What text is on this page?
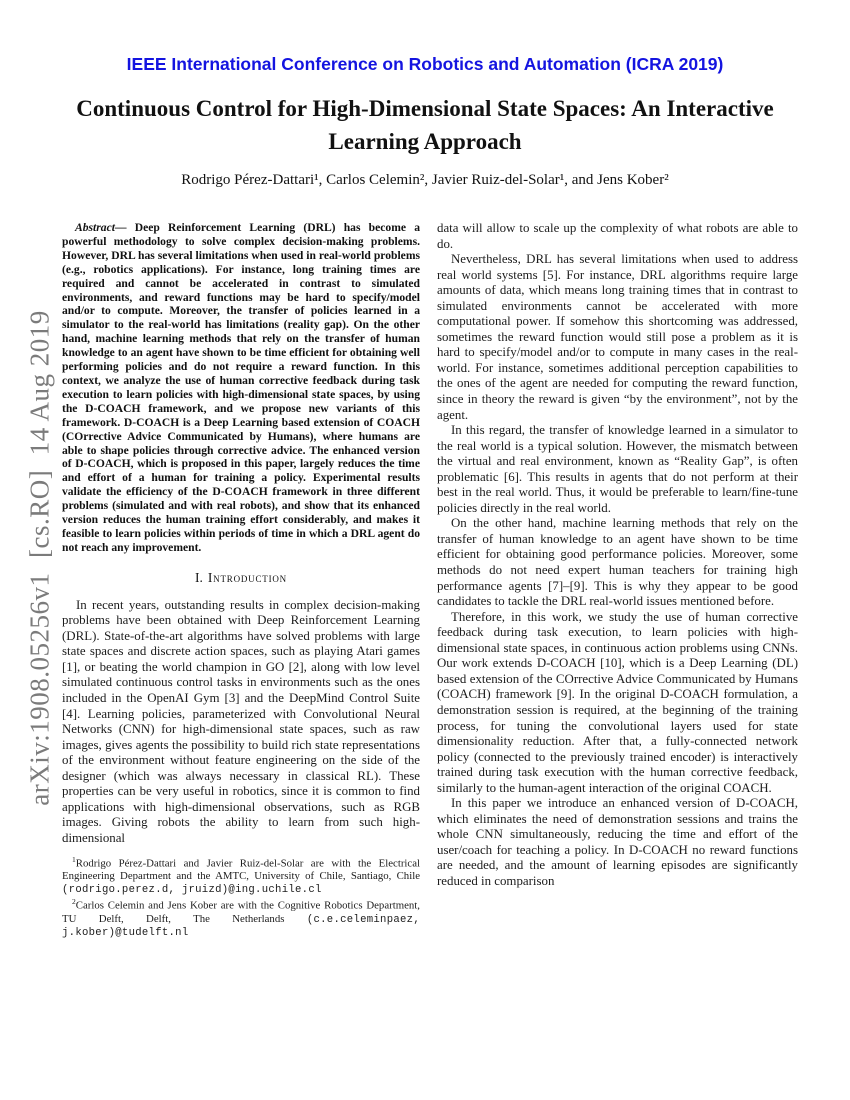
arXiv:1908.05256v1  [cs.RO]  14 Aug 2019
IEEE International Conference on Robotics and Automation (ICRA 2019)
Continuous Control for High-Dimensional State Spaces: An Interactive
Learning Approach
Rodrigo Pérez-Dattari¹, Carlos Celemin², Javier Ruiz-del-Solar¹, and Jens Kober²

Abstract— Deep Reinforcement Learning (DRL) has become a powerful methodology to solve complex decision-making problems. However, DRL has several limitations when used in real-world problems (e.g., robotics applications). For instance, long training times are required and cannot be accelerated in contrast to simulated environments, and reward functions may be hard to specify/model and/or to compute. Moreover, the transfer of policies learned in a simulator to the real-world has limitations (reality gap). On the other hand, machine learning methods that rely on the transfer of human knowledge to an agent have shown to be time efficient for obtaining well performing policies and do not require a reward function. In this context, we analyze the use of human corrective feedback during task execution to learn policies with high-dimensional state spaces, by using the D-COACH framework, and we propose new variants of this framework. D-COACH is a Deep Learning based extension of COACH (COrrective Advice Communicated by Humans), where humans are able to shape policies through corrective advice. The enhanced version of D-COACH, which is proposed in this paper, largely reduces the time and effort of a human for training a policy. Experimental results validate the efficiency of the D-COACH framework in three different problems (simulated and with real robots), and show that its enhanced version reduces the human training effort considerably, and makes it feasible to learn policies within periods of time in which a DRL agent do not reach any improvement.

I. Introduction

In recent years, outstanding results in complex decision-making problems have been obtained with Deep Reinforcement Learning (DRL). State-of-the-art algorithms have solved problems with large state spaces and discrete action spaces, such as playing Atari games [1], or beating the world champion in GO [2], along with low level simulated continuous control tasks in environments such as the ones included in the OpenAI Gym [3] and the DeepMind Control Suite [4]. Learning policies, parameterized with Convolutional Neural Networks (CNN) for high-dimensional state spaces, such as raw images, gives agents the possibility to build rich state representations of the environment without feature engineering on the side of the designer (which was always necessary in classical RL). These properties can be very useful in robotics, since it is common to find applications with high-dimensional observations, such as RGB images. Giving robots the ability to learn from such high-dimensional

$^1$Rodrigo Pérez-Dattari and Javier Ruiz-del-Solar are with the Electrical Engineering Department and the AMTC, University of Chile, Santiago, Chile (rodrigo.perez.d, jruizd)@ing.uchile.cl

$^2$Carlos Celemin and Jens Kober are with the Cognitive Robotics Department, TU Delft, Delft, The Netherlands (c.e.celeminpaez, j.kober)@tudelft.nl

data will allow to scale up the complexity of what robots are able to do.

Nevertheless, DRL has several limitations when used to address real world systems [5]. For instance, DRL algorithms require large amounts of data, which means long training times that in contrast to simulated environments cannot be accelerated with more computational power. If somehow this shortcoming was addressed, sometimes the reward function would still pose a problem as it is hard to specify/model and/or to compute in many cases in the real-world. For instance, sometimes additional perception capabilities to the ones of the agent are needed for computing the reward function, since in theory the reward is given “by the environment”, not by the agent.

In this regard, the transfer of knowledge learned in a simulator to the real world is a typical solution. However, the mismatch between the virtual and real environment, known as “Reality Gap”, is often problematic [6]. This results in agents that do not perform at their best in the real world. Thus, it would be preferable to learn/fine-tune policies directly in the real world.

On the other hand, machine learning methods that rely on the transfer of human knowledge to an agent have shown to be time efficient for obtaining good performance policies. Moreover, some methods do not need expert human teachers for training high performance agents [7]–[9]. This is why they appear to be good candidates to tackle the DRL real-world issues mentioned before.

Therefore, in this work, we study the use of human corrective feedback during task execution, to learn policies with high-dimensional state spaces, in continuous action problems using CNNs. Our work extends D-COACH [10], which is a Deep Learning (DL) based extension of the COrrective Advice Communicated by Humans (COACH) framework [9]. In the original D-COACH formulation, a demonstration session is required, at the beginning of the training process, for tuning the convolutional layers used for state dimensionality reduction. After that, a fully-connected network policy (connected to the previously trained encoder) is interactively trained during task execution with the human corrective feedback, similarly to the human-agent interaction of the original COACH.

In this paper we introduce an enhanced version of D-COACH, which eliminates the need of demonstration sessions and trains the whole CNN simultaneously, reducing the time and effort of the user/coach for teaching a policy. In D-COACH no reward functions are needed, and the amount of learning episodes are significantly reduced in comparison
